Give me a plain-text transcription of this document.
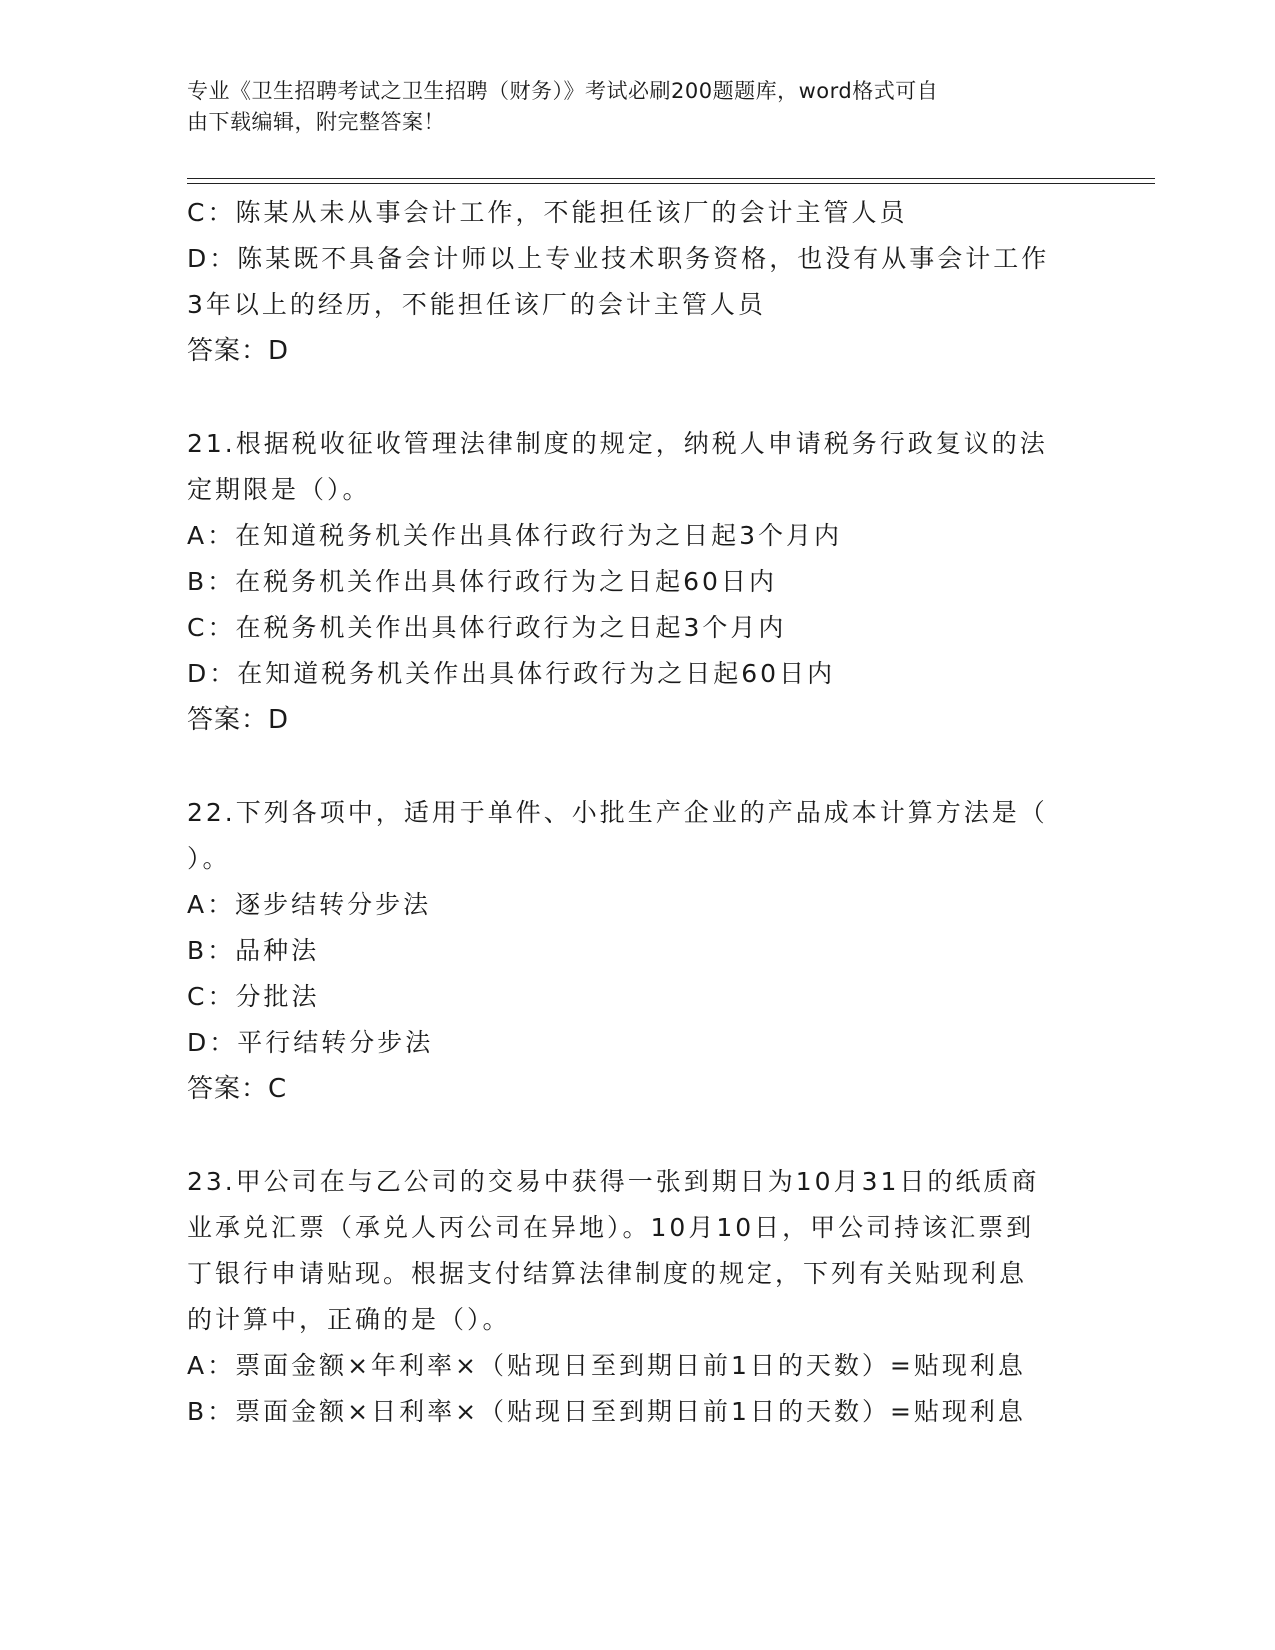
专业《卫生招聘考试之卫生招聘（财务）》考试必刷200题题库，word格式可自
由下载编辑，附完整答案！
C：陈某从未从事会计工作，不能担任该厂的会计主管人员
D：陈某既不具备会计师以上专业技术职务资格，也没有从事会计工作
3年以上的经历，不能担任该厂的会计主管人员
答案：D
21.根据税收征收管理法律制度的规定，纳税人申请税务行政复议的法
定期限是（）。
A：在知道税务机关作出具体行政行为之日起3个月内
B：在税务机关作出具体行政行为之日起60日内
C：在税务机关作出具体行政行为之日起3个月内
D：在知道税务机关作出具体行政行为之日起60日内
答案：D
22.下列各项中，适用于单件、小批生产企业的产品成本计算方法是（
）。
A：逐步结转分步法
B：品种法
C：分批法
D：平行结转分步法
答案：C
23.甲公司在与乙公司的交易中获得一张到期日为10月31日的纸质商
业承兑汇票（承兑人丙公司在异地）。10月10日，甲公司持该汇票到
丁银行申请贴现。根据支付结算法律制度的规定，下列有关贴现利息
的计算中，正确的是（）。
A：票面金额×年利率×（贴现日至到期日前1日的天数）=贴现利息
B：票面金额×日利率×（贴现日至到期日前1日的天数）=贴现利息
